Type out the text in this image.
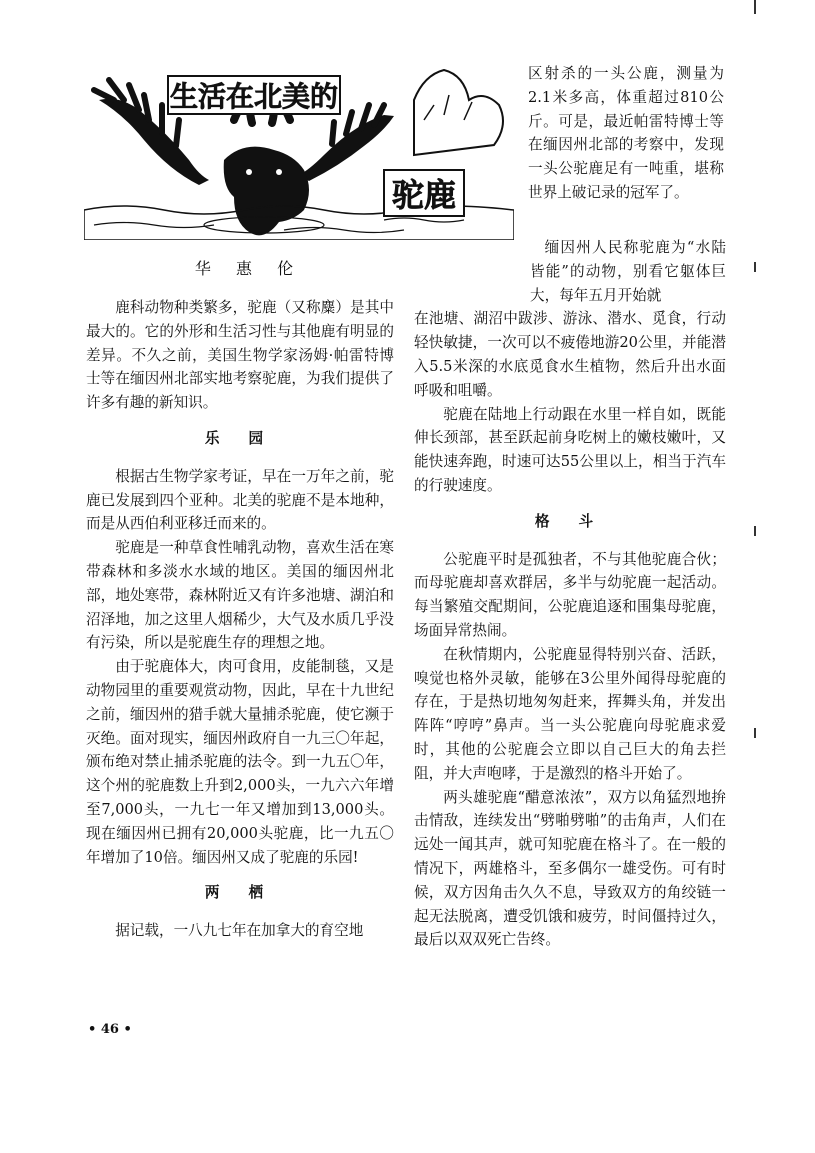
生活在北美的
驼鹿
华 惠 伦

鹿科动物种类繁多，驼鹿（又称麋）是其中最大的。它的外形和生活习性与其他鹿有明显的差异。不久之前，美国生物学家汤姆·帕雷特博士等在缅因州北部实地考察驼鹿，为我们提供了许多有趣的新知识。

乐 园

根据古生物学家考证，早在一万年之前，驼鹿已发展到四个亚种。北美的驼鹿不是本地种，而是从西伯利亚移迁而来的。

驼鹿是一种草食性哺乳动物，喜欢生活在寒带森林和多淡水水域的地区。美国的缅因州北部，地处寒带，森林附近又有许多池塘、湖泊和沼泽地，加之这里人烟稀少，大气及水质几乎没有污染，所以是驼鹿生存的理想之地。

由于驼鹿体大，肉可食用，皮能制毯，又是动物园里的重要观赏动物，因此，早在十九世纪之前，缅因州的猎手就大量捕杀驼鹿，使它濒于灭绝。面对现实，缅因州政府自一九三〇年起，颁布绝对禁止捕杀驼鹿的法令。到一九五〇年，这个州的驼鹿数上升到2,000头，一九六六年增至7,000头，一九七一年又增加到13,000头。现在缅因州已拥有20,000头驼鹿，比一九五〇年增加了10倍。缅因州又成了驼鹿的乐园!

两 栖

据记载，一八九七年在加拿大的育空地

区射杀的一头公鹿，测量为2.1米多高，体重超过810公斤。可是，最近帕雷特博士等在缅因州北部的考察中，发现一头公驼鹿足有一吨重，堪称世界上破记录的冠军了。

缅因州人民称驼鹿为“水陆皆能”的动物，别看它躯体巨大，每年五月开始就

在池塘、湖沼中跋涉、游泳、潜水、觅食，行动轻快敏捷，一次可以不疲倦地游20公里，并能潜入5.5米深的水底觅食水生植物，然后升出水面呼吸和咀嚼。

驼鹿在陆地上行动跟在水里一样自如，既能伸长颈部，甚至跃起前身吃树上的嫩枝嫩叶，又能快速奔跑，时速可达55公里以上，相当于汽车的行驶速度。

格 斗

公驼鹿平时是孤独者，不与其他驼鹿合伙；而母驼鹿却喜欢群居，多半与幼驼鹿一起活动。每当繁殖交配期间，公驼鹿追逐和围集母驼鹿，场面异常热闹。

在秋情期内，公驼鹿显得特别兴奋、活跃，嗅觉也格外灵敏，能够在3公里外闻得母驼鹿的存在，于是热切地匆匆赶来，挥舞头角，并发出阵阵“哼哼”鼻声。当一头公驼鹿向母驼鹿求爱时，其他的公驼鹿会立即以自己巨大的角去拦阻，并大声咆哮，于是激烈的格斗开始了。

两头雄驼鹿“醋意浓浓”，双方以角猛烈地拚击情敌，连续发出“劈啪劈啪”的击角声，人们在远处一闻其声，就可知驼鹿在格斗了。在一般的情况下，两雄格斗，至多偶尔一雄受伤。可有时候，双方因角击久久不息，导致双方的角绞链一起无法脱离，遭受饥饿和疲劳，时间僵持过久，最后以双双死亡告终。

• 46 •
